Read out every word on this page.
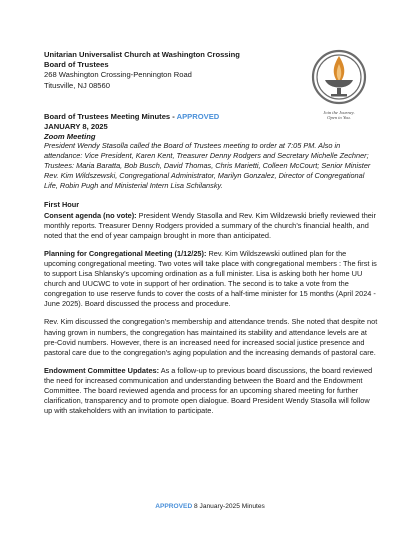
Unitarian Universalist Church at Washington Crossing
Board of Trustees
268 Washington Crossing-Pennington Road
Titusville, NJ 08560
Join the Journey.
Open to You.
Board of Trustees Meeting Minutes - APPROVED
JANUARY 8, 2025
Zoom Meeting

President Wendy Stasolla called the Board of Trustees meeting to order at 7:05 PM. Also in attendance: Vice President, Karen Kent, Treasurer Denny Rodgers and Secretary Michelle Zechner; Trustees: Maria Baratta, Bob Busch, David Thomas, Chris Marietti, Colleen McCourt; Senior Minister Rev. Kim Wildszewski, Congregational Administrator, Marilyn Gonzalez, Director of Congregational Life, Robin Pugh and Ministerial Intern Lisa Schilansky.

First Hour

Consent agenda (no vote): President Wendy Stasolla and Rev. Kim Wildzewski briefly reviewed their monthly reports. Treasurer Denny Rodgers provided a summary of the church’s financial health, and noted that the end of year campaign brought in more than anticipated.

Planning for Congregational Meeting (1/12/25): Rev. Kim Wildszewski outlined plan for the upcoming congregational meeting. Two votes will take place with congregational members : The first is to support Lisa Shlansky’s upcoming ordination as a full minister. Lisa is asking both her home UU church and UUCWC to vote in support of her ordination. The second is to take a vote from the congregation to use reserve funds to cover the costs of a half-time minister for 15 months (April 2024 - June 2025). Board discussed the process and procedure.

Rev. Kim discussed the congregation’s membership and attendance trends. She noted that despite not having grown in numbers, the congregation has maintained its stability and attendance levels are at pre-Covid numbers. However, there is an increased need for increased social justice presence and pastoral care due to the congregation’s aging population and the increasing demands of pastoral care.

Endowment Committee Updates: As a follow-up to previous board discussions, the board reviewed the need for increased communication and understanding between the Board and the Endowment Committee. The board reviewed agenda and process for an upcoming shared meeting for further clarification, transparency and to promote open dialogue. Board President Wendy Stasolla will follow up with stakeholders with an invitation to participate.

APPROVED 8 January-2025 Minutes
